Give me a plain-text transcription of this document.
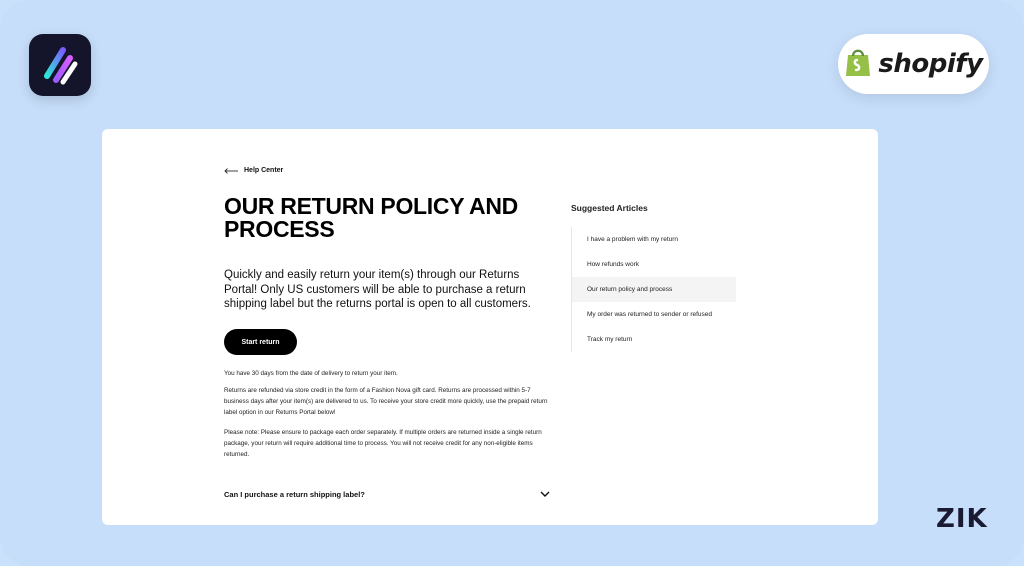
shopify
ZIK
Help Center
OUR RETURN POLICY AND PROCESS

Quickly and easily return your item(s) through our Returns Portal! Only US customers will be able to purchase a return shipping label but the returns portal is open to all customers.

Start return

You have 30 days from the date of delivery to return your item.

Returns are refunded via store credit in the form of a Fashion Nova gift card. Returns are processed within 5-7 business days after your item(s) are delivered to us. To receive your store credit more quickly, use the prepaid return label option in our Returns Portal below!

Please note: Please ensure to package each order separately. If multiple orders are returned inside a single return package, your return will require additional time to process. You will not receive credit for any non-eligible items returned.

Can I purchase a return shipping label?
Suggested Articles
I have a problem with my return
How refunds work
Our return policy and process
My order was returned to sender or refused
Track my return
